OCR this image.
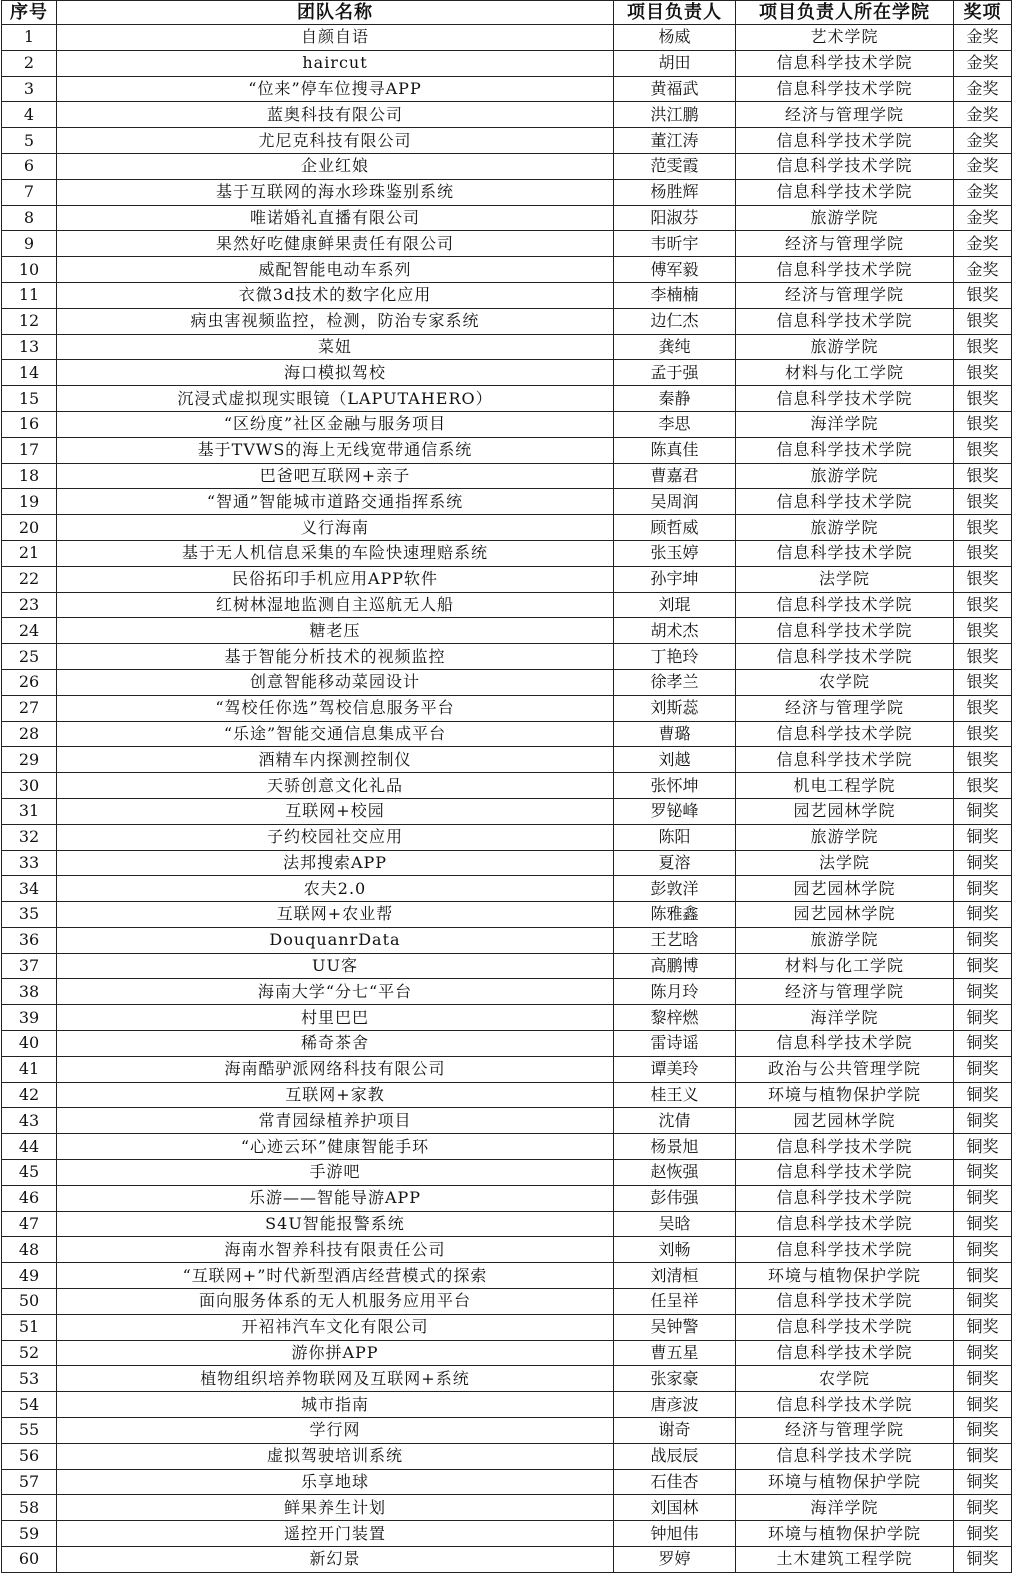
序号	团队名称	项目负责人	项目负责人所在学院	奖项
1	自颜自语	杨威	艺术学院	金奖
2	haircut	胡田	信息科学技术学院	金奖
3	“位来”停车位搜寻APP	黄福武	信息科学技术学院	金奖
4	蓝奥科技有限公司	洪江鹏	经济与管理学院	金奖
5	尤尼克科技有限公司	董江涛	信息科学技术学院	金奖
6	企业红娘	范雯霞	信息科学技术学院	金奖
7	基于互联网的海水珍珠鉴别系统	杨胜辉	信息科学技术学院	金奖
8	唯诺婚礼直播有限公司	阳淑芬	旅游学院	金奖
9	果然好吃健康鲜果责任有限公司	韦昕宇	经济与管理学院	金奖
10	威配智能电动车系列	傅军毅	信息科学技术学院	金奖
11	衣微3d技术的数字化应用	李楠楠	经济与管理学院	银奖
12	病虫害视频监控，检测，防治专家系统	边仁杰	信息科学技术学院	银奖
13	菜妞	龚纯	旅游学院	银奖
14	海口模拟驾校	孟于强	材料与化工学院	银奖
15	沉浸式虚拟现实眼镜（LAPUTAHERO）	秦静	信息科学技术学院	银奖
16	“区纷度”社区金融与服务项目	李思	海洋学院	银奖
17	基于TVWS的海上无线宽带通信系统	陈真佳	信息科学技术学院	银奖
18	巴爸吧互联网+亲子	曹嘉君	旅游学院	银奖
19	“智通”智能城市道路交通指挥系统	吴周润	信息科学技术学院	银奖
20	义行海南	顾哲威	旅游学院	银奖
21	基于无人机信息采集的车险快速理赔系统	张玉婷	信息科学技术学院	银奖
22	民俗拓印手机应用APP软件	孙宇坤	法学院	银奖
23	红树林湿地监测自主巡航无人船	刘琨	信息科学技术学院	银奖
24	糖老压	胡术杰	信息科学技术学院	银奖
25	基于智能分析技术的视频监控	丁艳玲	信息科学技术学院	银奖
26	创意智能移动菜园设计	徐孝兰	农学院	银奖
27	“驾校任你选”驾校信息服务平台	刘斯蕊	经济与管理学院	银奖
28	“乐途”智能交通信息集成平台	曹璐	信息科学技术学院	银奖
29	酒精车内探测控制仪	刘越	信息科学技术学院	银奖
30	天骄创意文化礼品	张怀坤	机电工程学院	银奖
31	互联网+校园	罗铋峰	园艺园林学院	铜奖
32	子约校园社交应用	陈阳	旅游学院	铜奖
33	法邦搜索APP	夏溶	法学院	铜奖
34	农夫2.0	彭敦洋	园艺园林学院	铜奖
35	互联网+农业帮	陈雅鑫	园艺园林学院	铜奖
36	DouquanrData	王艺晗	旅游学院	铜奖
37	UU客	高鹏博	材料与化工学院	铜奖
38	海南大学“分七“平台	陈月玲	经济与管理学院	铜奖
39	村里巴巴	黎梓燃	海洋学院	铜奖
40	稀奇茶舍	雷诗谣	信息科学技术学院	铜奖
41	海南酷驴派网络科技有限公司	谭美玲	政治与公共管理学院	铜奖
42	互联网+家教	桂王义	环境与植物保护学院	铜奖
43	常青园绿植养护项目	沈倩	园艺园林学院	铜奖
44	“心迹云环”健康智能手环	杨景旭	信息科学技术学院	铜奖
45	手游吧	赵恢强	信息科学技术学院	铜奖
46	乐游——智能导游APP	彭伟强	信息科学技术学院	铜奖
47	S4U智能报警系统	吴晗	信息科学技术学院	铜奖
48	海南水智养科技有限责任公司	刘畅	信息科学技术学院	铜奖
49	“互联网+”时代新型酒店经营模式的探索	刘清桓	环境与植物保护学院	铜奖
50	面向服务体系的无人机服务应用平台	任呈祥	信息科学技术学院	铜奖
51	开袑祎汽车文化有限公司	吴钟警	信息科学技术学院	铜奖
52	游你拼APP	曹五星	信息科学技术学院	铜奖
53	植物组织培养物联网及互联网+系统	张家豪	农学院	铜奖
54	城市指南	唐彦波	信息科学技术学院	铜奖
55	学行网	谢奇	经济与管理学院	铜奖
56	虚拟驾驶培训系统	战辰辰	信息科学技术学院	铜奖
57	乐享地球	石佳杏	环境与植物保护学院	铜奖
58	鲜果养生计划	刘国林	海洋学院	铜奖
59	遥控开门装置	钟旭伟	环境与植物保护学院	铜奖
60	新幻景	罗婷	土木建筑工程学院	铜奖
